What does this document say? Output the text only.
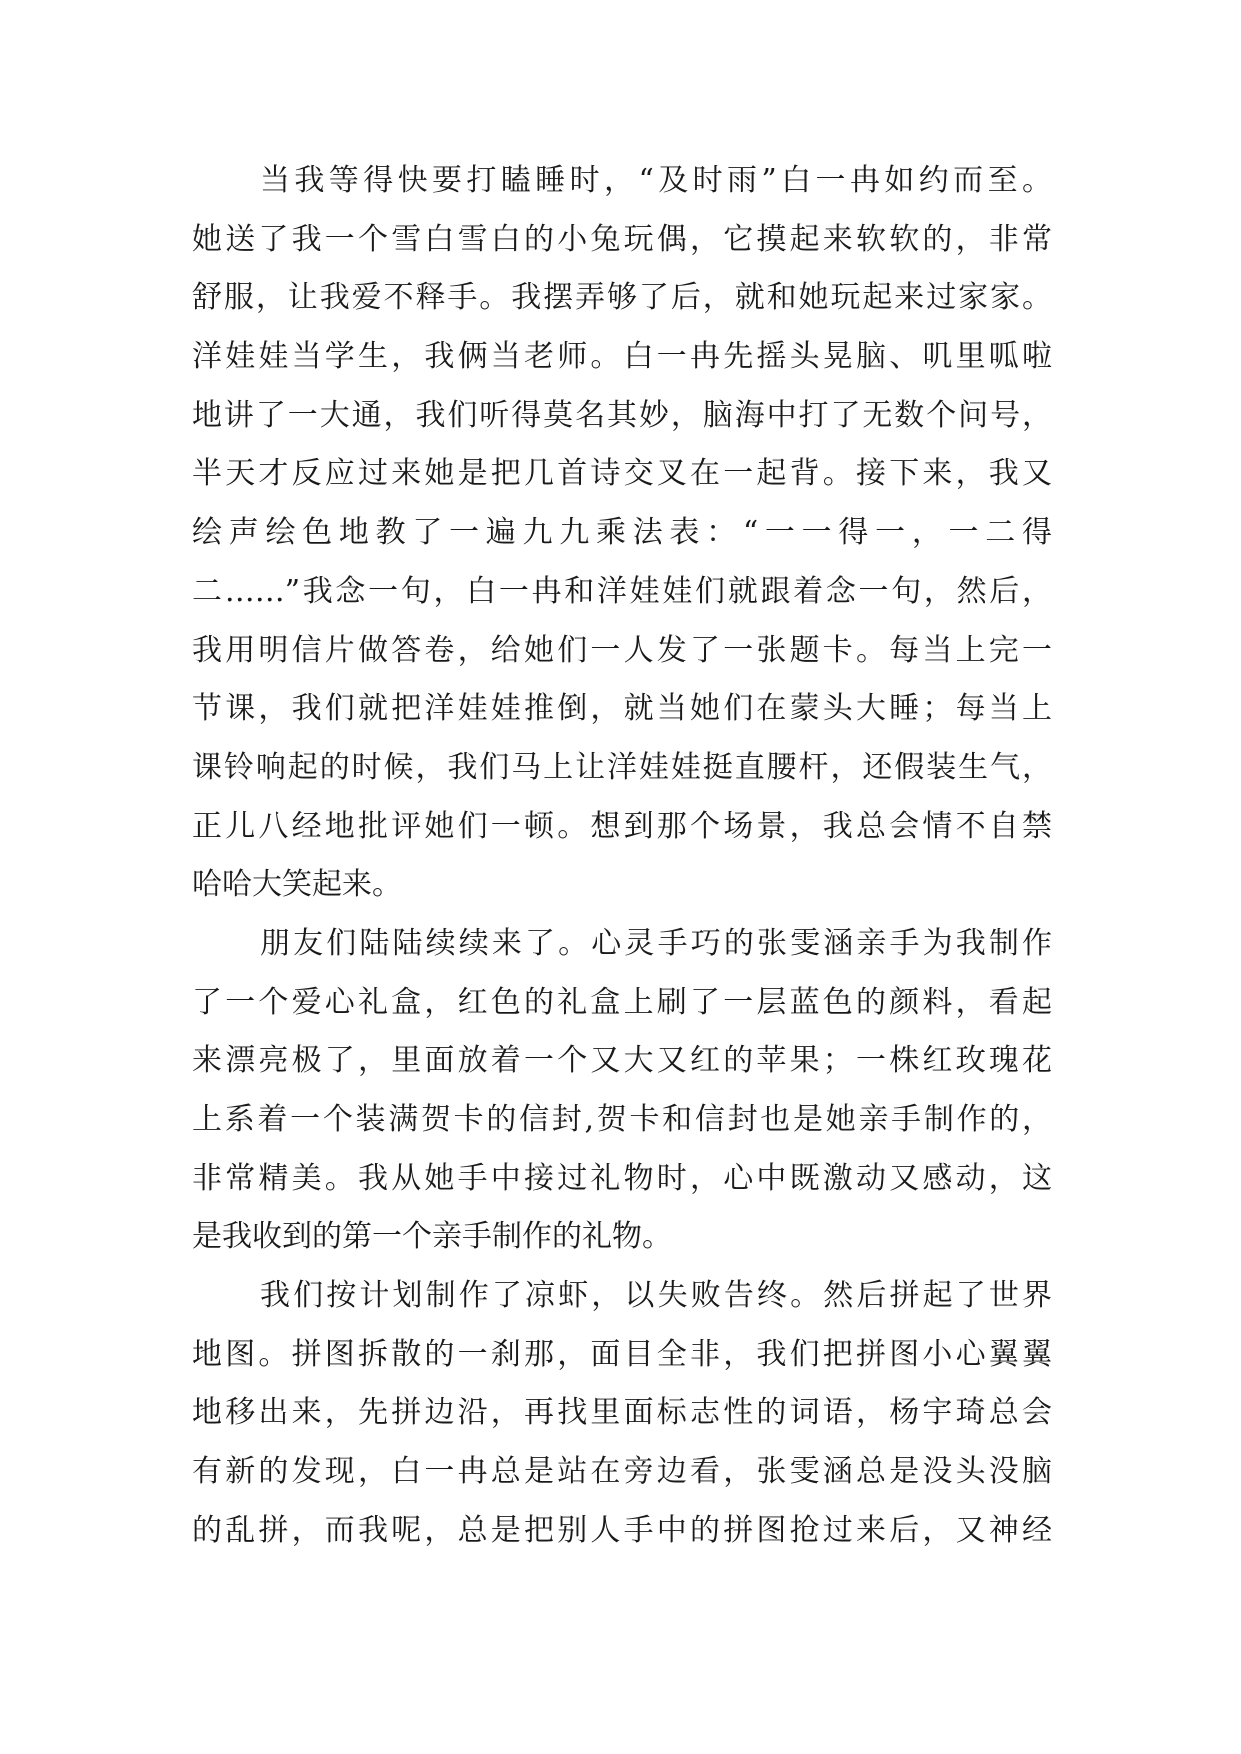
当我等得快要打瞌睡时，“及时雨”白一冉如约而至。
她送了我一个雪白雪白的小兔玩偶，它摸起来软软的，非常
舒服，让我爱不释手。我摆弄够了后，就和她玩起来过家家。
洋娃娃当学生，我俩当老师。白一冉先摇头晃脑、叽里呱啦
地讲了一大通，我们听得莫名其妙，脑海中打了无数个问号，
半天才反应过来她是把几首诗交叉在一起背。接下来，我又
绘声绘色地教了一遍九九乘法表：“一一得一，一二得
二……”我念一句，白一冉和洋娃娃们就跟着念一句，然后，
我用明信片做答卷，给她们一人发了一张题卡。每当上完一
节课，我们就把洋娃娃推倒，就当她们在蒙头大睡；每当上
课铃响起的时候，我们马上让洋娃娃挺直腰杆，还假装生气，
正儿八经地批评她们一顿。想到那个场景，我总会情不自禁
哈哈大笑起来。
朋友们陆陆续续来了。心灵手巧的张雯涵亲手为我制作
了一个爱心礼盒，红色的礼盒上刷了一层蓝色的颜料，看起
来漂亮极了，里面放着一个又大又红的苹果；一株红玫瑰花
上系着一个装满贺卡的信封,贺卡和信封也是她亲手制作的，
非常精美。我从她手中接过礼物时，心中既激动又感动，这
是我收到的第一个亲手制作的礼物。
我们按计划制作了凉虾，以失败告终。然后拼起了世界
地图。拼图拆散的一刹那，面目全非，我们把拼图小心翼翼
地移出来，先拼边沿，再找里面标志性的词语，杨宇琦总会
有新的发现，白一冉总是站在旁边看，张雯涵总是没头没脑
的乱拼，而我呢，总是把别人手中的拼图抢过来后，又神经
